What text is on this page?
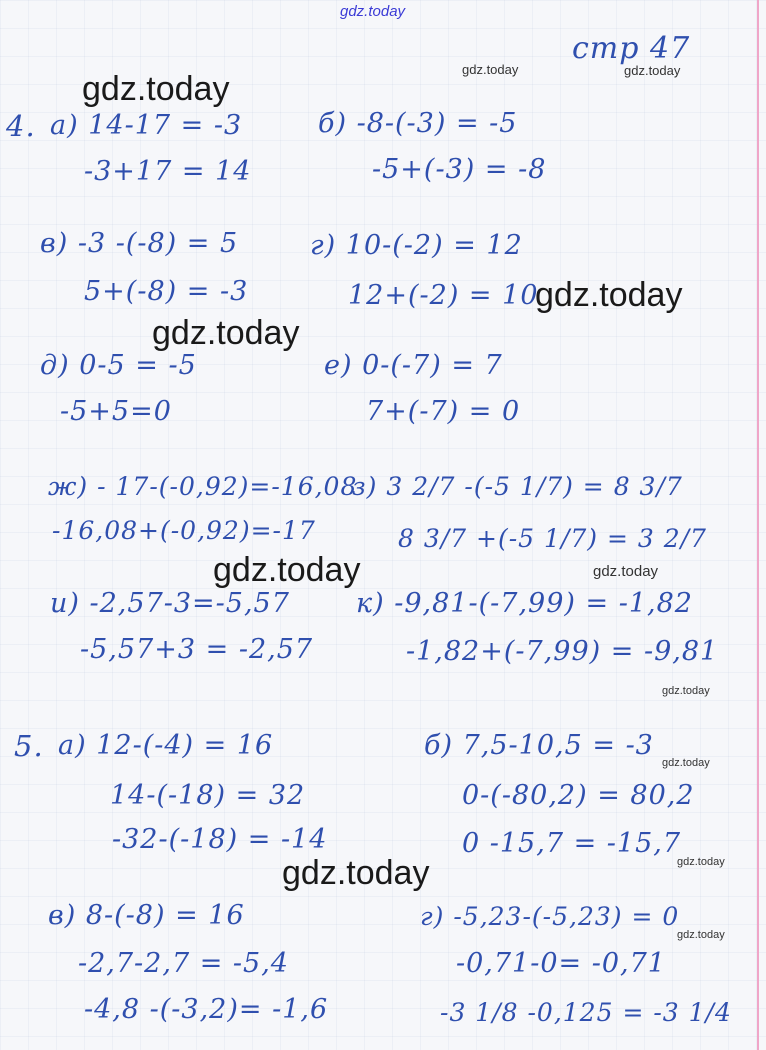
gdz.today
стр 47
gdz.today
gdz.today	gdz.today
gdz.today
gdz.today
gdz.today	gdz.today
gdz.today
gdz.today
gdz.today
gdz.today
gdz.today
4. а) 14-17 = -3
-3+17 = 14
б) -8-(-3) = -5
-5+(-3) = -8
в) -3 -(-8) = 5
5+(-8) = -3
г) 10-(-2) = 12
12+(-2) = 10
д) 0-5 = -5
-5+5=0
е) 0-(-7) = 7
7+(-7) = 0
ж) - 17-(-0,92)=-16,08
-16,08+(-0,92)=-17
з) 3 2/7 -(-5 1/7) = 8 3/7
8 3/7 +(-5 1/7) = 3 2/7
и) -2,57-3=-5,57
-5,57+3 = -2,57
к) -9,81-(-7,99) = -1,82
-1,82+(-7,99) = -9,81
5. а) 12-(-4) = 16
14-(-18) = 32
-32-(-18) = -14
б) 7,5-10,5 = -3
0-(-80,2) = 80,2
0 -15,7 = -15,7
в) 8-(-8) = 16
-2,7-2,7 = -5,4
-4,8 -(-3,2)= -1,6
г) -5,23-(-5,23) = 0
-0,71-0= -0,71
-3 1/8 -0,125 = -3 1/4
